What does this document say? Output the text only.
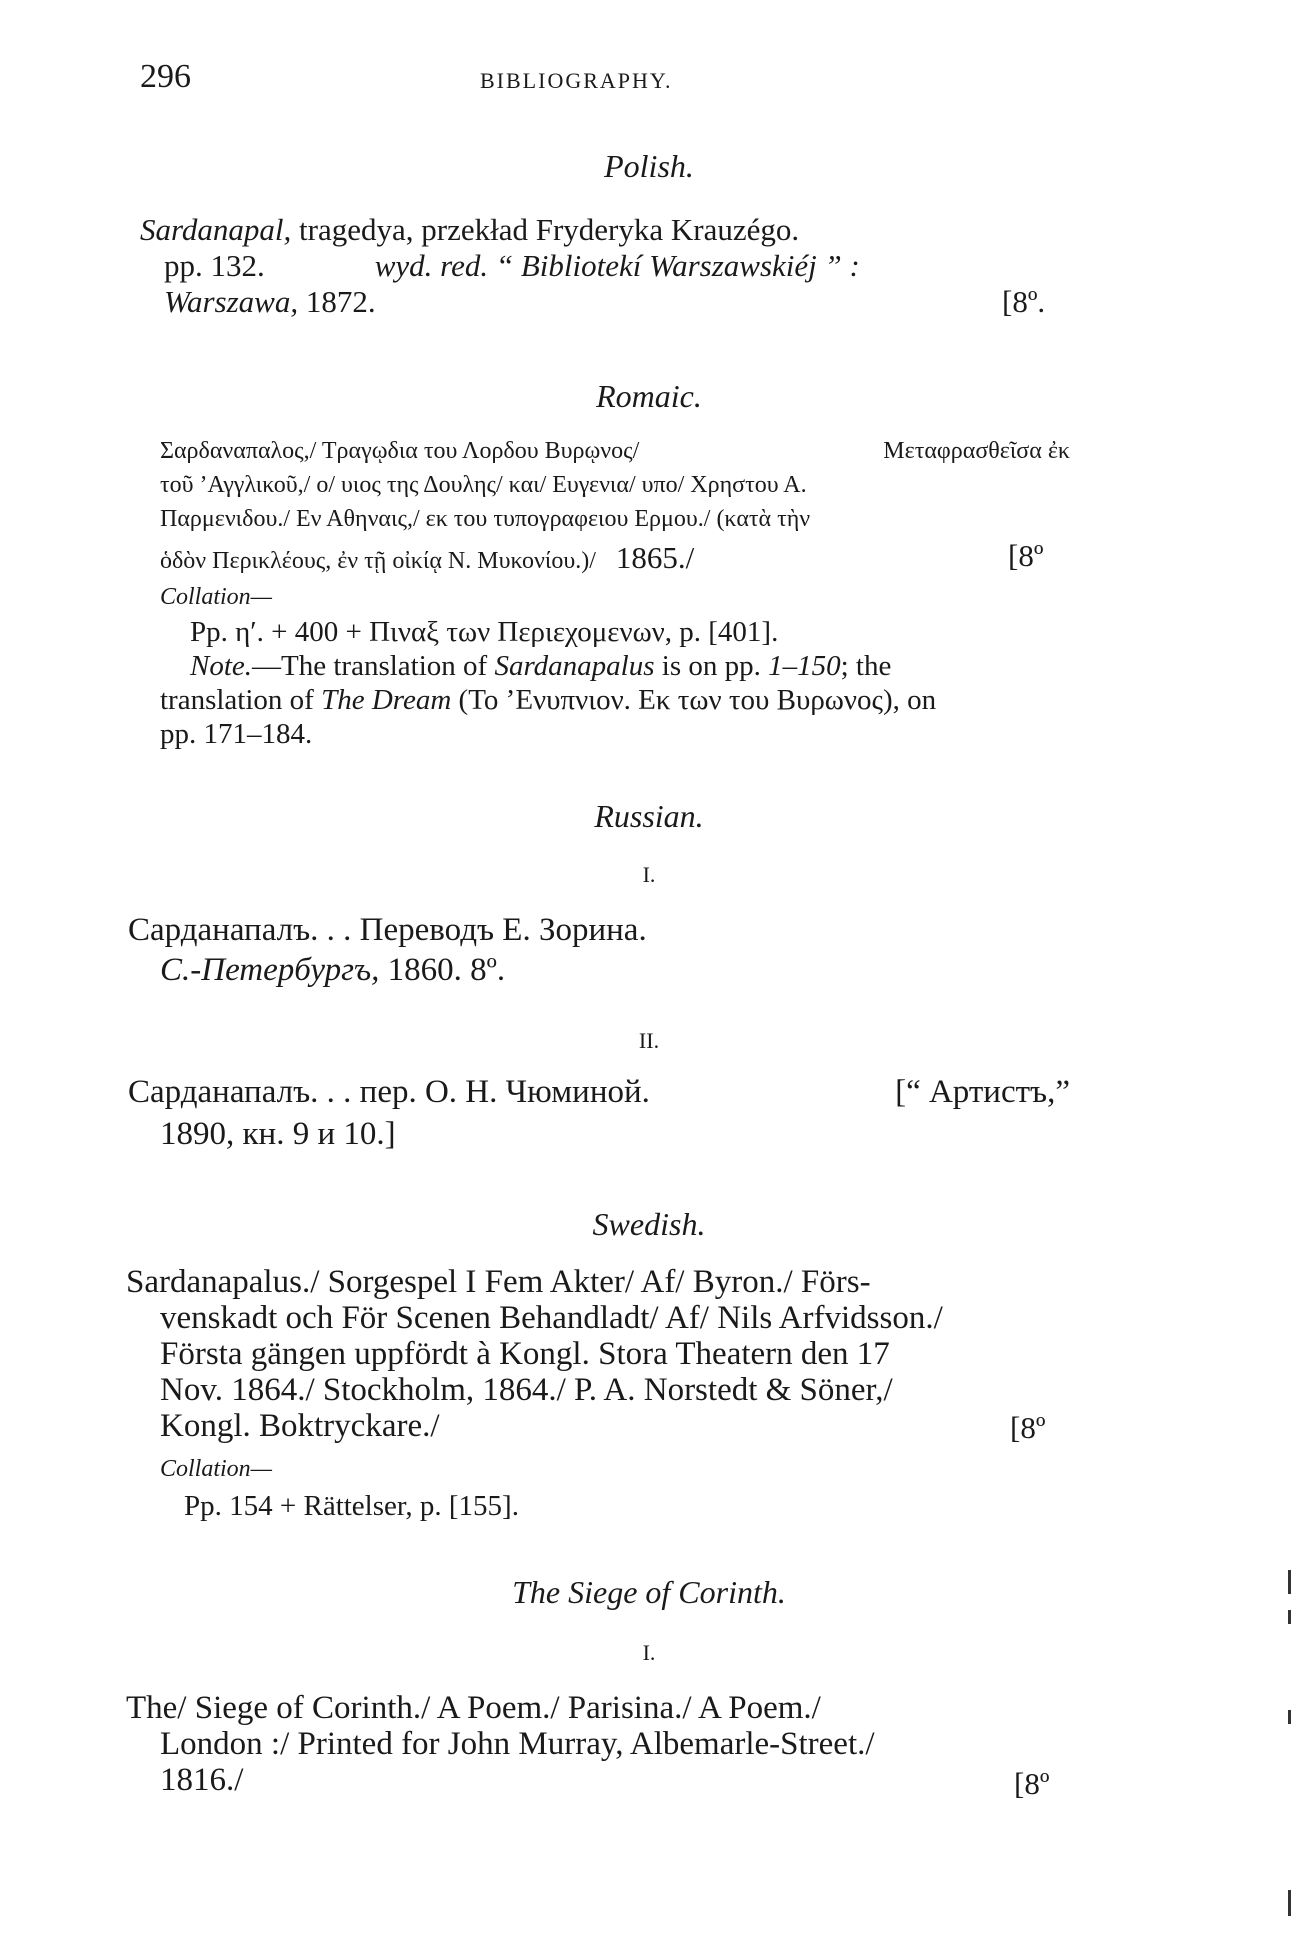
296	BIBLIOGRAPHY.
Polish.
Sardanapal, tragedya, przekład Fryderyka Krauzégo.
pp. 132.	wyd. red. “ Bibliotekí Warszawskiéj ” :
Warszawa, 1872.	[8º.
Romaic.
Σαρδαναπαλος,/ Τραγῳδια του Λορδου Βυρῳνος/	Μεταφρασθεῖσα ἐκ
τοῦ ’Αγγλικοῦ,/ ο/ υιος της Δουλης/ και/ Ευγενια/ υπο/ Χρηστου Α.
Παρμενιδου./ Εν Αθηναις,/ εκ του τυπογραφειου Ερμου./ (κατὰ τὴν
ὁδὸν Περικλέους, ἐν τῇ οἰκίᾳ Ν. Μυκονίου.)/ 1865./	[8º
Collation—
Pp. η′. + 400 + Πιναξ των Περιεχομενων, p. [401].
Note.—The translation of Sardanapalus is on pp. 1–150; the
translation of The Dream (Το ’Ενυπνιον. Εκ των του Βυρωνος), on
pp. 171–184.
Russian.
I.
Сарданапалъ. . . Переводъ Е. Зорина.
С.-Петербургъ, 1860. 8º.
II.
Сарданапалъ. . . пер. О. Н. Чюминой.	[“ Артистъ,”
1890, кн. 9 и 10.]
Swedish.
Sardanapalus./ Sorgespel I Fem Akter/ Af/ Byron./ Förs-
venskadt och För Scenen Behandladt/ Af/ Nils Arfvidsson./
Första gängen uppfördt à Kongl. Stora Theatern den 17
Nov. 1864./ Stockholm, 1864./ P. A. Norstedt & Söner,/
Kongl. Boktryckare./	[8º
Collation—
Pp. 154 + Rättelser, p. [155].
The Siege of Corinth.
I.
The/ Siege of Corinth./ A Poem./ Parisina./ A Poem./
London :/ Printed for John Murray, Albemarle-Street./
1816./	[8º
